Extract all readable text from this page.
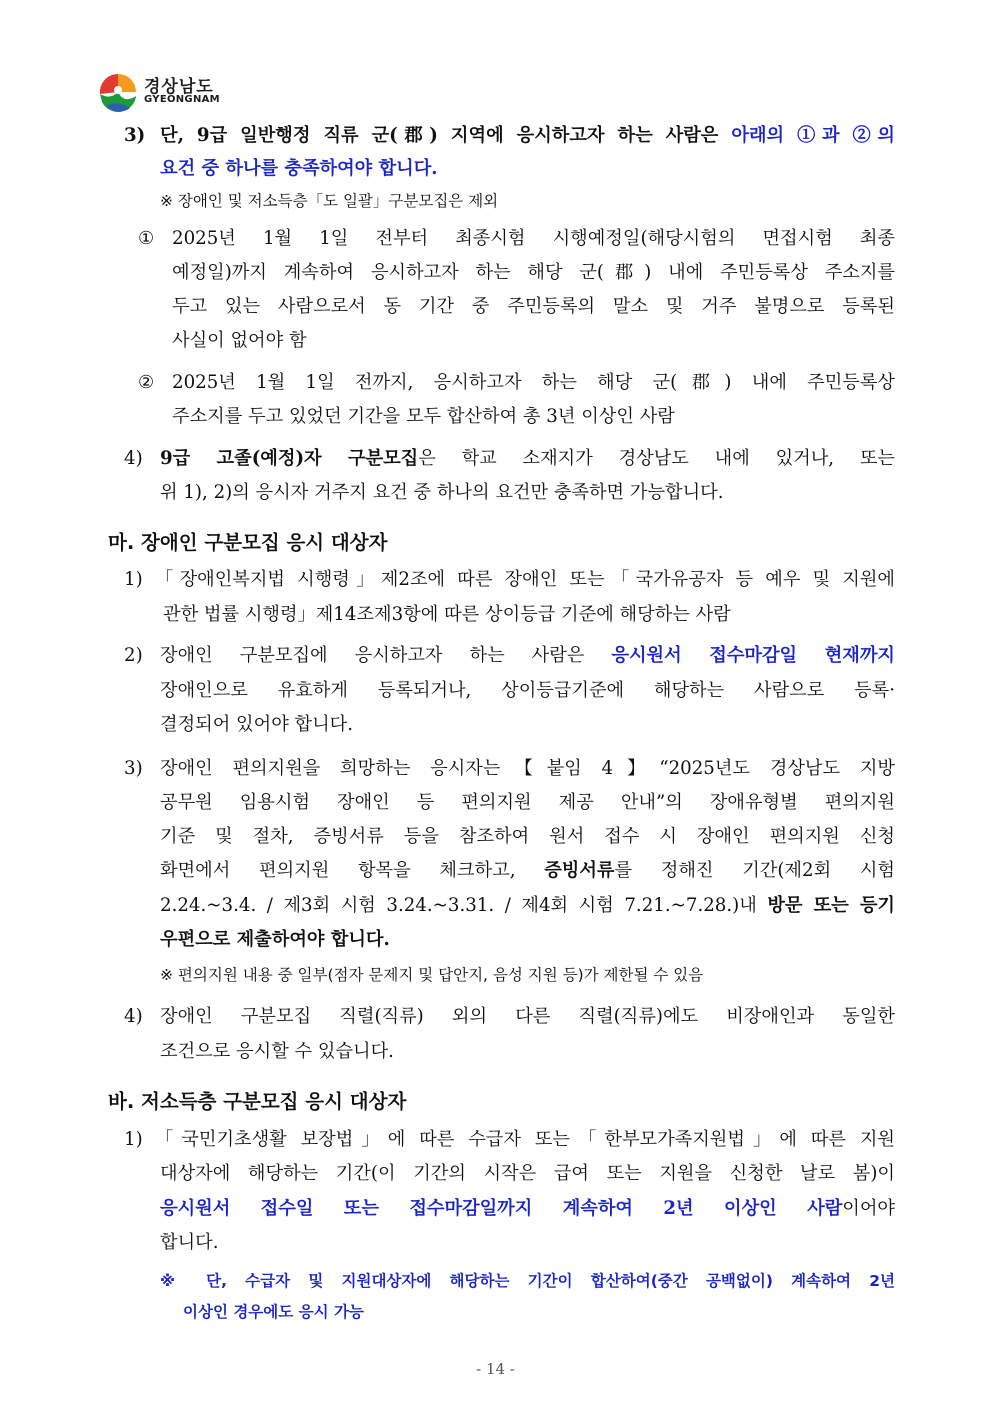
경상남도
GYEONGNAM
3) 단, 9급 일반행정 직류 군(郡) 지역에 응시하고자 하는 사람은 아래의 ①과 ②의
요건 중 하나를 충족하여야 합니다.
※ 장애인 및 저소득층「도 일괄」구분모집은 제외
① 2025년 1월 1일 전부터 최종시험 시행예정일(해당시험의 면접시험 최종
예정일)까지 계속하여 응시하고자 하는 해당 군(郡) 내에 주민등록상 주소지를
두고 있는 사람으로서 동 기간 중 주민등록의 말소 및 거주 불명으로 등록된
사실이 없어야 함
② 2025년 1월 1일 전까지, 응시하고자 하는 해당 군(郡) 내에 주민등록상
주소지를 두고 있었던 기간을 모두 합산하여 총 3년 이상인 사람
4) 9급 고졸(예정)자 구분모집은 학교 소재지가 경상남도 내에 있거나, 또는
위 1), 2)의 응시자 거주지 요건 중 하나의 요건만 충족하면 가능합니다.
마. 장애인 구분모집 응시 대상자
1) 「장애인복지법 시행령」제2조에 따른 장애인 또는「국가유공자 등 예우 및 지원에
관한 법률 시행령」제14조제3항에 따른 상이등급 기준에 해당하는 사람
2) 장애인 구분모집에 응시하고자 하는 사람은 응시원서 접수마감일 현재까지
장애인으로 유효하게 등록되거나, 상이등급기준에 해당하는 사람으로 등록·
결정되어 있어야 합니다.
3) 장애인 편의지원을 희망하는 응시자는【붙임 4】“2025년도 경상남도 지방
공무원 임용시험 장애인 등 편의지원 제공 안내”의 장애유형별 편의지원
기준 및 절차, 증빙서류 등을 참조하여 원서 접수 시 장애인 편의지원 신청
화면에서 편의지원 항목을 체크하고, 증빙서류를 정해진 기간(제2회 시험
2.24.~3.4. / 제3회 시험 3.24.~3.31. / 제4회 시험 7.21.~7.28.)내 방문 또는 등기
우편으로 제출하여야 합니다.
※ 편의지원 내용 중 일부(점자 문제지 및 답안지, 음성 지원 등)가 제한될 수 있음
4) 장애인 구분모집 직렬(직류) 외의 다른 직렬(직류)에도 비장애인과 동일한
조건으로 응시할 수 있습니다.
바. 저소득층 구분모집 응시 대상자
1) 「국민기초생활 보장법」에 따른 수급자 또는「한부모가족지원법」에 따른 지원
대상자에 해당하는 기간(이 기간의 시작은 급여 또는 지원을 신청한 날로 봄)이
응시원서 접수일 또는 접수마감일까지 계속하여 2년 이상인 사람이어야
합니다.
※ 단, 수급자 및 지원대상자에 해당하는 기간이 합산하여(중간 공백없이) 계속하여 2년
이상인 경우에도 응시 가능
- 14 -
